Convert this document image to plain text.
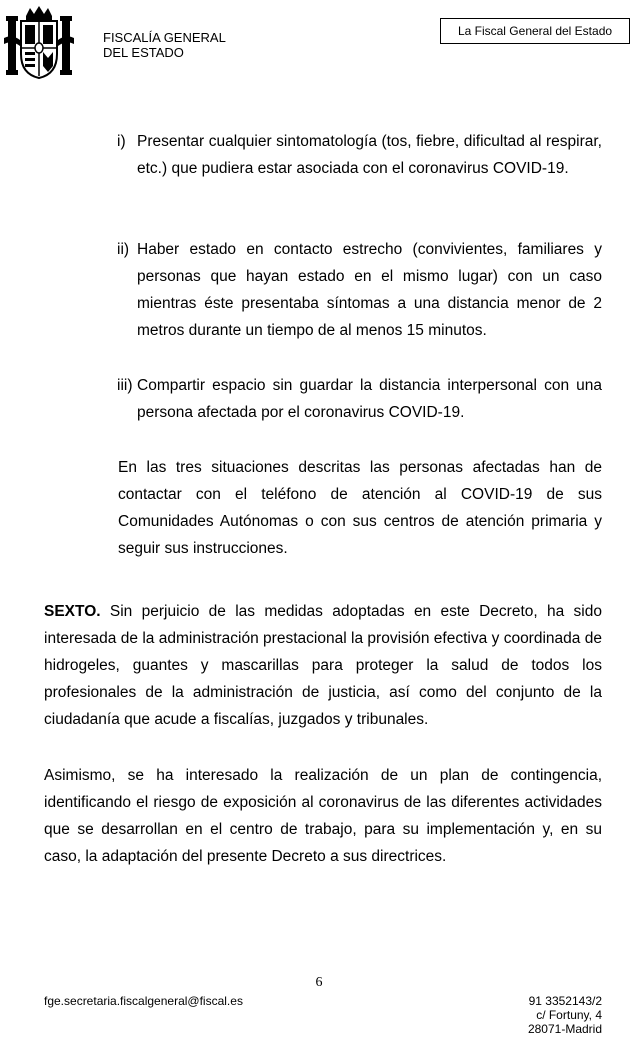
FISCALÍA GENERAL
DEL ESTADO
La Fiscal General del Estado
i) Presentar cualquier sintomatología (tos, fiebre, dificultad al respirar, etc.) que pudiera estar asociada con el coronavirus COVID-19.
ii) Haber estado en contacto estrecho (convivientes, familiares y personas que hayan estado en el mismo lugar) con un caso mientras éste presentaba síntomas a una distancia menor de 2 metros durante un tiempo de al menos 15 minutos.
iii) Compartir espacio sin guardar la distancia interpersonal con una persona afectada por el coronavirus COVID-19.
En las tres situaciones descritas las personas afectadas han de contactar con el teléfono de atención al COVID-19 de sus Comunidades Autónomas o con sus centros de atención primaria y seguir sus instrucciones.
SEXTO. Sin perjuicio de las medidas adoptadas en este Decreto, ha sido interesada de la administración prestacional la provisión efectiva y coordinada de hidrogeles, guantes y mascarillas para proteger la salud de todos los profesionales de la administración de justicia, así como del conjunto de la ciudadanía que acude a fiscalías, juzgados y tribunales.
Asimismo, se ha interesado la realización de un plan de contingencia, identificando el riesgo de exposición al coronavirus de las diferentes actividades que se desarrollan en el centro de trabajo, para su implementación y, en su caso, la adaptación del presente Decreto a sus directrices.
6
fge.secretaria.fiscalgeneral@fiscal.es	91 3352143/2
c/ Fortuny, 4
28071-Madrid
